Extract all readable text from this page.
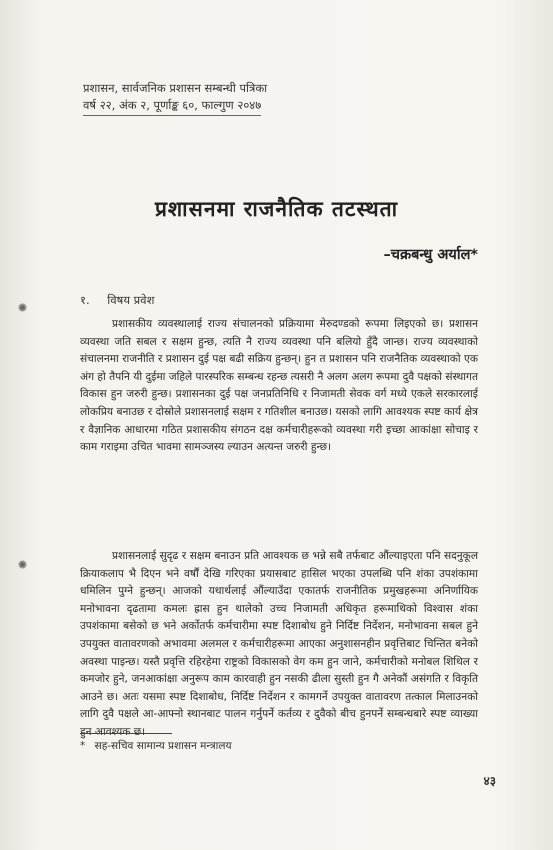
प्रशासन, सार्वजनिक प्रशासन सम्बन्धी पत्रिका
वर्ष २२, अंक २, पूर्णाङ्क ६०, फाल्गुण २०४७
प्रशासनमा राजनैतिक तटस्थता
–चक्रबन्धु अर्याल*
१. विषय प्रवेश

प्रशासकीय व्यवस्थालाई राज्य संचालनको प्रक्रियामा मेरुदण्डको रूपमा लिइएको छ। प्रशासन व्यवस्था जति सबल र सक्षम हुन्छ, त्यति नै राज्य व्यवस्था पनि बलियो हुँदै जान्छ। राज्य व्यवस्थाको संचालनमा राजनीति र प्रशासन दुई पक्ष बढी सक्रिय हुन्छन्। हुन त प्रशासन पनि राजनैतिक व्यवस्थाको एक अंग हो तैपनि यी दुईमा जहिले पारस्परिक सम्बन्ध रहन्छ त्यसरी नै अलग अलग रूपमा दुवै पक्षको संस्थागत विकास हुन जरुरी हुन्छ। प्रशासनका दुई पक्ष जनप्रतिनिधि र निजामती सेवक वर्ग मध्ये एकले सरकारलाई लोकप्रिय बनाउछ र दोस्रोले प्रशासनलाई सक्षम र गतिशील बनाउछ। यसको लागि आवश्यक स्पष्ट कार्य क्षेत्र र वैज्ञानिक आधारमा गठित प्रशासकीय संगठन दक्ष कर्मचारीहरूको व्यवस्था गरी इच्छा आकांक्षा सोचाइ र काम गराइमा उचित भावमा सामञ्जस्य ल्याउन अत्यन्त जरुरी हुन्छ।

प्रशासनलाई सुदृढ र सक्षम बनाउन प्रति आवश्यक छ भन्ने सबै तर्फबाट औंल्याइएता पनि सदनुकूल क्रियाकलाप भै दिएन भने वर्षौं देखि गरिएका प्रयासबाट हासिल भएका उपलब्धि पनि शंका उपशंकामा धमिलिन पुग्ने हुन्छन्। आजको यथार्थलाई औंल्याउँदा एकातर्फ राजनीतिक प्रमुखहरूमा अनिर्णायिक मनोभावना दृढतामा कमलः ह्रास हुन थालेको उच्च निजामती अधिकृत हरूमाथिको विश्वास शंका उपशंकामा बसेको छ भने अर्कोतर्फ कर्मचारीमा स्पष्ट दिशाबोध हुने निर्दिष्ट निर्देशन, मनोभावना सबल हुने उपयुक्त वातावरणको अभावमा अलमल र कर्मचारीहरूमा आएका अनुशासनहीन प्रवृत्तिबाट चिन्तित बनेको अवस्था पाइन्छ। यस्तै प्रवृत्ति रहिरहेमा राष्ट्रको विकासको वेग कम हुन जाने, कर्मचारीको मनोबल शिथिल र कमजोर हुने, जनआकांक्षा अनुरूप काम कारवाही हुन नसकी ढीला सुस्ती हुन गै अनेकौं असंगति र विकृति आउने छ। अतः यसमा स्पष्ट दिशाबोध, निर्दिष्ट निर्देशन र कामगर्ने उपयुक्त वातावरण तत्काल मिलाउनको लागि दुवै पक्षले आ-आफ्नो स्थानबाट पालन गर्नुपर्ने कर्तव्य र दुवैको बीच हुनपर्ने सम्बन्धबारे स्पष्ट व्याख्या हुन आवश्यक छ।

* सह-सचिव सामान्य प्रशासन मन्त्रालय
४३
